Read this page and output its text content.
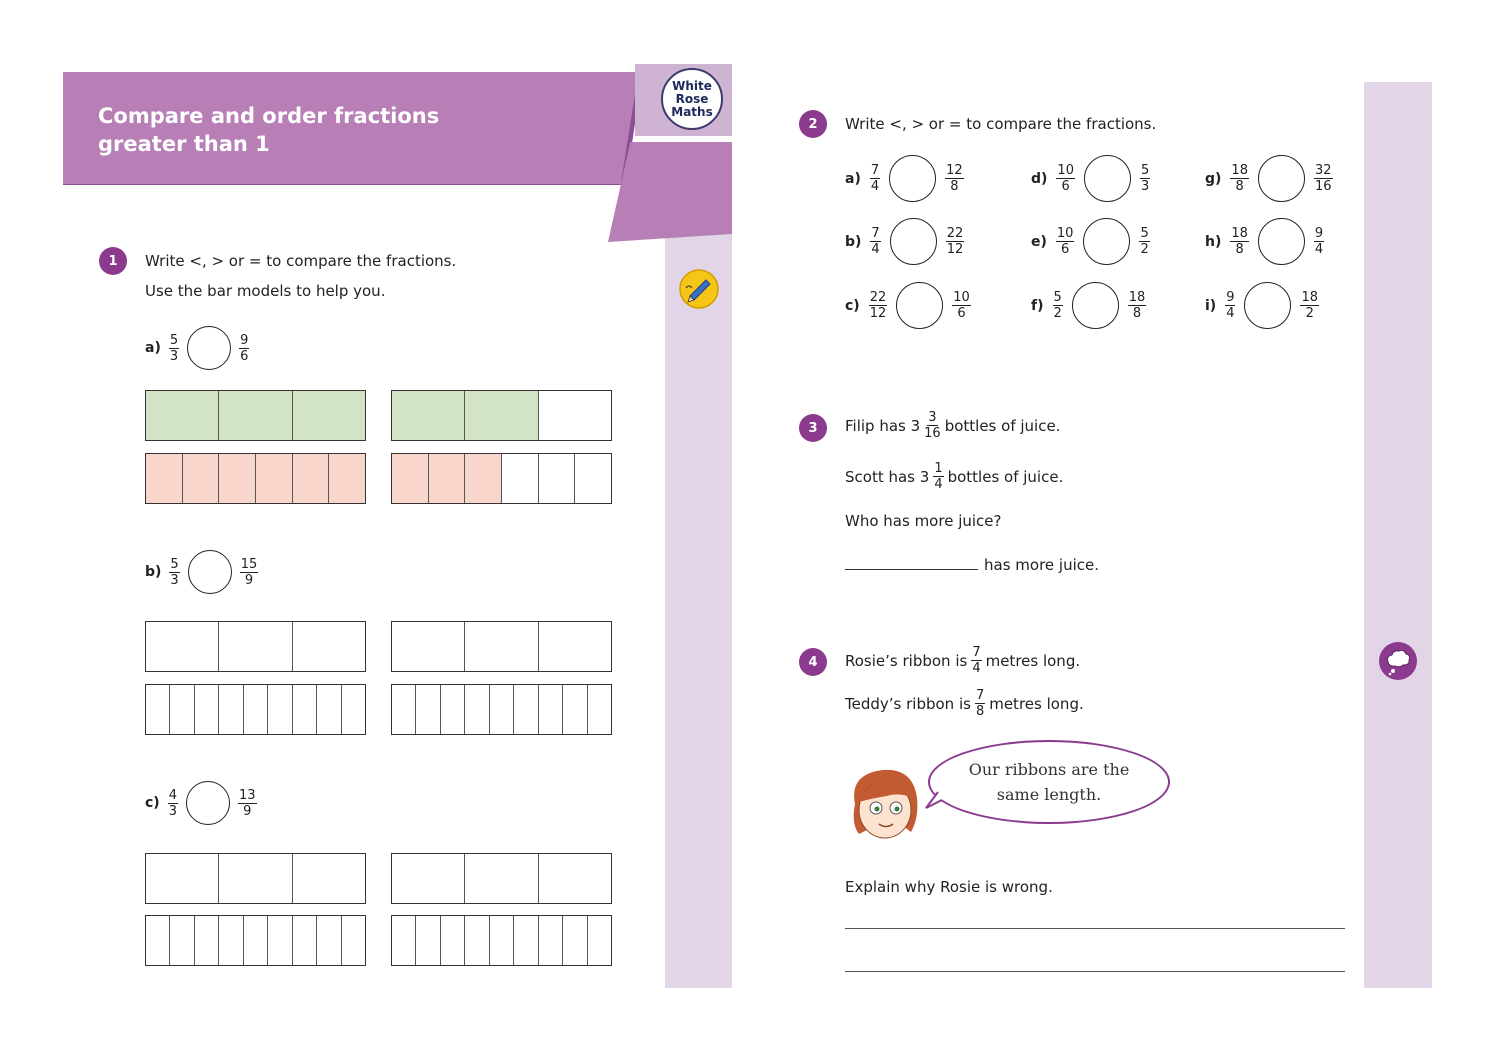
Compare and order fractions
greater than 1
White
Rose
Maths
1	Write <, > or = to compare the fractions.
Use the bar models to help you.
$a) \frac{5}{3}$	$\frac{9}{6}$
$b) \frac{5}{3}$	$\frac{15}{9}$
$c) \frac{4}{3}$	$\frac{13}{9}$
2	Write <, > or = to compare the fractions.
$a) \frac{7}{4}$	$\frac{12}{8}$
$b) \frac{7}{4}$	$\frac{22}{12}$
$c) \frac{22}{12}$	$\frac{10}{6}$
$d) \frac{10}{6}$	$\frac{5}{3}$
$e) \frac{10}{6}$	$\frac{5}{2}$
$f) \frac{5}{2}$	$\frac{18}{8}$
$g) \frac{18}{8}$	$\frac{32}{16}$
$h) \frac{18}{8}$	$\frac{9}{4}$
$i) \frac{9}{4}$	$\frac{18}{2}$
3	Filip has $3 \frac{3}{16}$ bottles of juice.
Scott has $3 \frac{1}{4}$ bottles of juice.
Who has more juice?
has more juice.
4	Rosie’s ribbon is $\frac{7}{4}$ metres long.
Teddy’s ribbon is $\frac{7}{8}$ metres long.
Our ribbons are the
same length.
Explain why Rosie is wrong.
